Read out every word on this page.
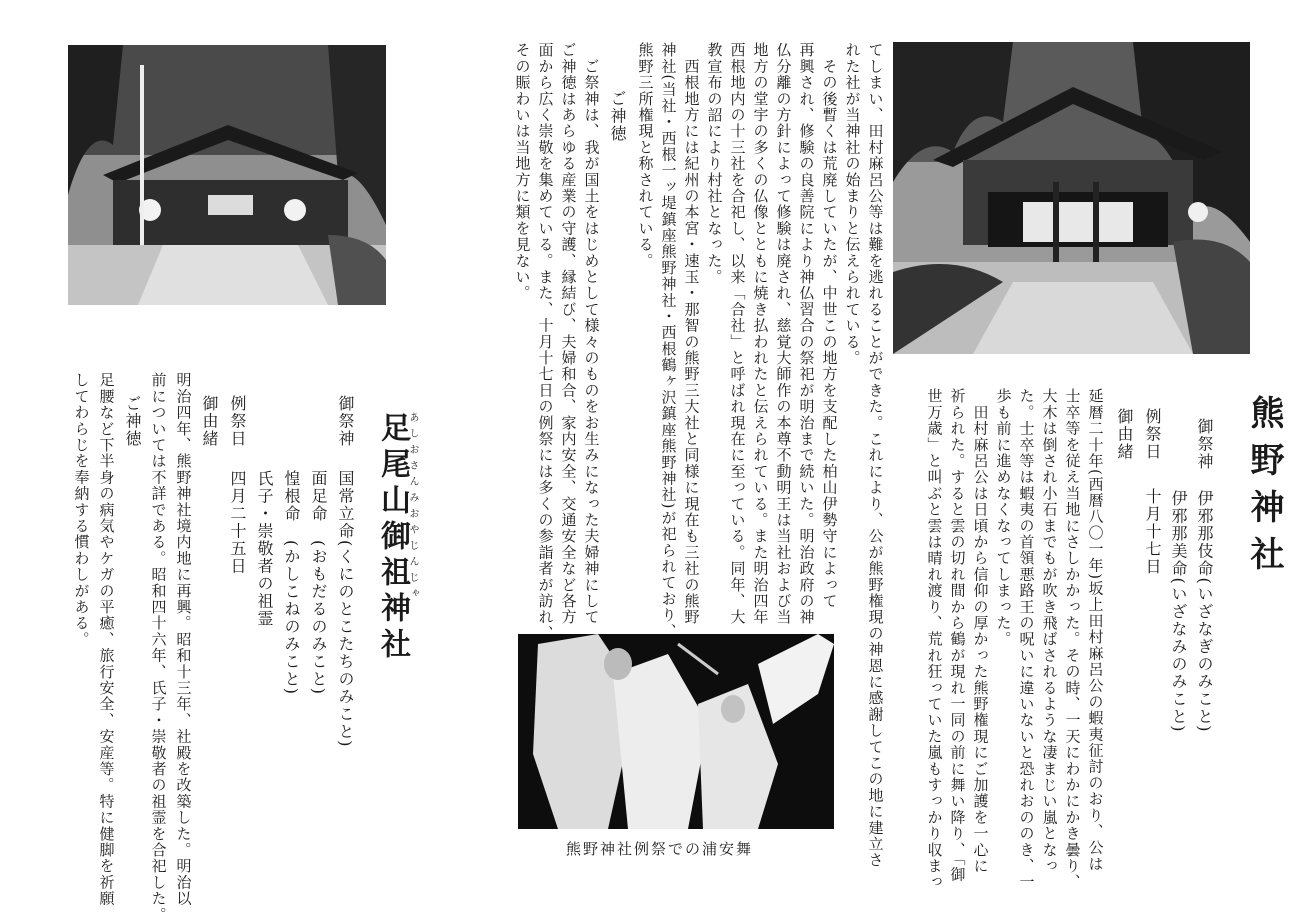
熊野神社例祭での浦安舞
熊野神社
御祭神
伊邪那伎命(いざなぎのみこと)
伊邪那美命(いざなみのみこと)
例祭日
十月十七日
御由緒
延暦二十年(西暦八〇一年)坂上田村麻呂公の蝦夷征討のおり、公は
士卒等を従え当地にさしかかった。その時、一天にわかにかき曇り、
大木は倒され小石までもが吹き飛ばされるような凄まじい嵐となっ
た。士卒等は蝦夷の首領悪路王の呪いに違いないと恐れおののき、一
歩も前に進めなくなってしまった。
　田村麻呂公は日頃から信仰の厚かった熊野権現にご加護を一心に
祈られた。すると雲の切れ間から鶴が現れ一同の前に舞い降り、「御
世万歳」と叫ぶと雲は晴れ渡り、荒れ狂っていた嵐もすっかり収まっ
てしまい、田村麻呂公等は難を逃れることができた。これにより、公が熊野権現の神恩に感謝してこの地に建立さ
れた社が当神社の始まりと伝えられている。
　その後暫くは荒廃していたが、中世この地方を支配した柏山伊勢守によって
再興され、修験の良善院により神仏習合の祭祀が明治まで続いた。明治政府の神
仏分離の方針によって修験は廃され、慈覚大師作の本尊不動明王は当社および当
地方の堂宇の多くの仏像とともに焼き払われたと伝えられている。また明治四年
西根地内の十三社を合祀し、以来「合社」と呼ばれ現在に至っている。同年、大
教宣布の詔により村社となった。
　西根地方には紀州の本宮・速玉・那智の熊野三大社と同様に現在も三社の熊野
神社(当社・西根一ッ堤鎮座熊野神社・西根鶴ヶ沢鎮座熊野神社)が祀られており、
熊野三所権現と称されている。
ご神徳
　ご祭神は、我が国土をはじめとして様々のものをお生みになった夫婦神にして
ご神徳はあらゆる産業の守護、縁結び、夫婦和合、家内安全、交通安全など各方
面から広く崇敬を集めている。また、十月十七日の例祭には多くの参詣者が訪れ、
その賑わいは当地方に類を見ない。
あしおさんみおやじんじゃ
足尾山御祖神社
御祭神
国常立命(くにのとこたちのみこと)
面足命　(おもだるのみこと)
惶根命　(かしこねのみこと)
氏子・崇敬者の祖霊
例祭日
四月二十五日
御由緒
明治四年、熊野神社境内地に再興。昭和十三年、社殿を改築した。明治以
前については不詳である。昭和四十六年、氏子・崇敬者の祖霊を合祀した。
ご神徳
足腰など下半身の病気やケガの平癒、旅行安全、安産等。特に健脚を祈願
してわらじを奉納する慣わしがある。
